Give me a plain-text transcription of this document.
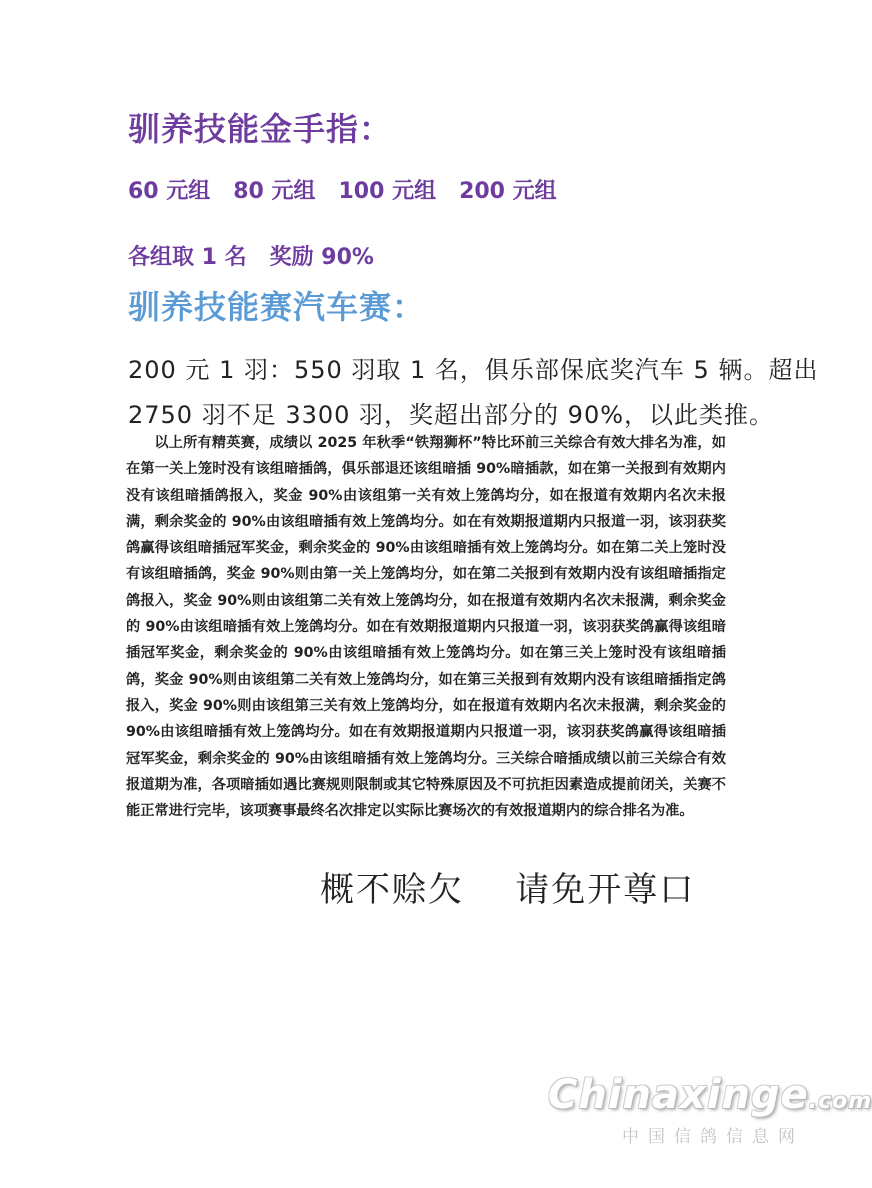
驯养技能金手指：
60 元组   80 元组   100 元组   200 元组
各组取 1 名   奖励 90%
驯养技能赛汽车赛：
200 元 1 羽：550 羽取 1 名，俱乐部保底奖汽车 5 辆。超出
2750 羽不足 3300 羽，奖超出部分的 90%，以此类推。

以上所有精英赛，成绩以 2025 年秋季“铁翔狮杯”特比环前三关综合有效大排名为准，如在第一关上笼时没有该组暗插鸽，俱乐部退还该组暗插 90%暗插款，如在第一关报到有效期内没有该组暗插鸽报入，奖金 90%由该组第一关有效上笼鸽均分，如在报道有效期内名次未报满，剩余奖金的 90%由该组暗插有效上笼鸽均分。如在有效期报道期内只报道一羽，该羽获奖鸽赢得该组暗插冠军奖金，剩余奖金的 90%由该组暗插有效上笼鸽均分。如在第二关上笼时没有该组暗插鸽，奖金 90%则由第一关上笼鸽均分，如在第二关报到有效期内没有该组暗插指定鸽报入，奖金 90%则由该组第二关有效上笼鸽均分，如在报道有效期内名次未报满，剩余奖金的 90%由该组暗插有效上笼鸽均分。如在有效期报道期内只报道一羽，该羽获奖鸽赢得该组暗插冠军奖金，剩余奖金的 90%由该组暗插有效上笼鸽均分。如在第三关上笼时没有该组暗插鸽，奖金 90%则由该组第二关有效上笼鸽均分，如在第三关报到有效期内没有该组暗插指定鸽报入，奖金 90%则由该组第三关有效上笼鸽均分，如在报道有效期内名次未报满，剩余奖金的 90%由该组暗插有效上笼鸽均分。如在有效期报道期内只报道一羽，该羽获奖鸽赢得该组暗插冠军奖金，剩余奖金的 90%由该组暗插有效上笼鸽均分。三关综合暗插成绩以前三关综合有效报道期为准，各项暗插如遇比赛规则限制或其它特殊原因及不可抗拒因素造成提前闭关，关赛不能正常进行完毕，该项赛事最终名次排定以实际比赛场次的有效报道期内的综合排名为准。

概不赊欠    请免开尊口
Chinaxinge.com
中国信鸽信息网
